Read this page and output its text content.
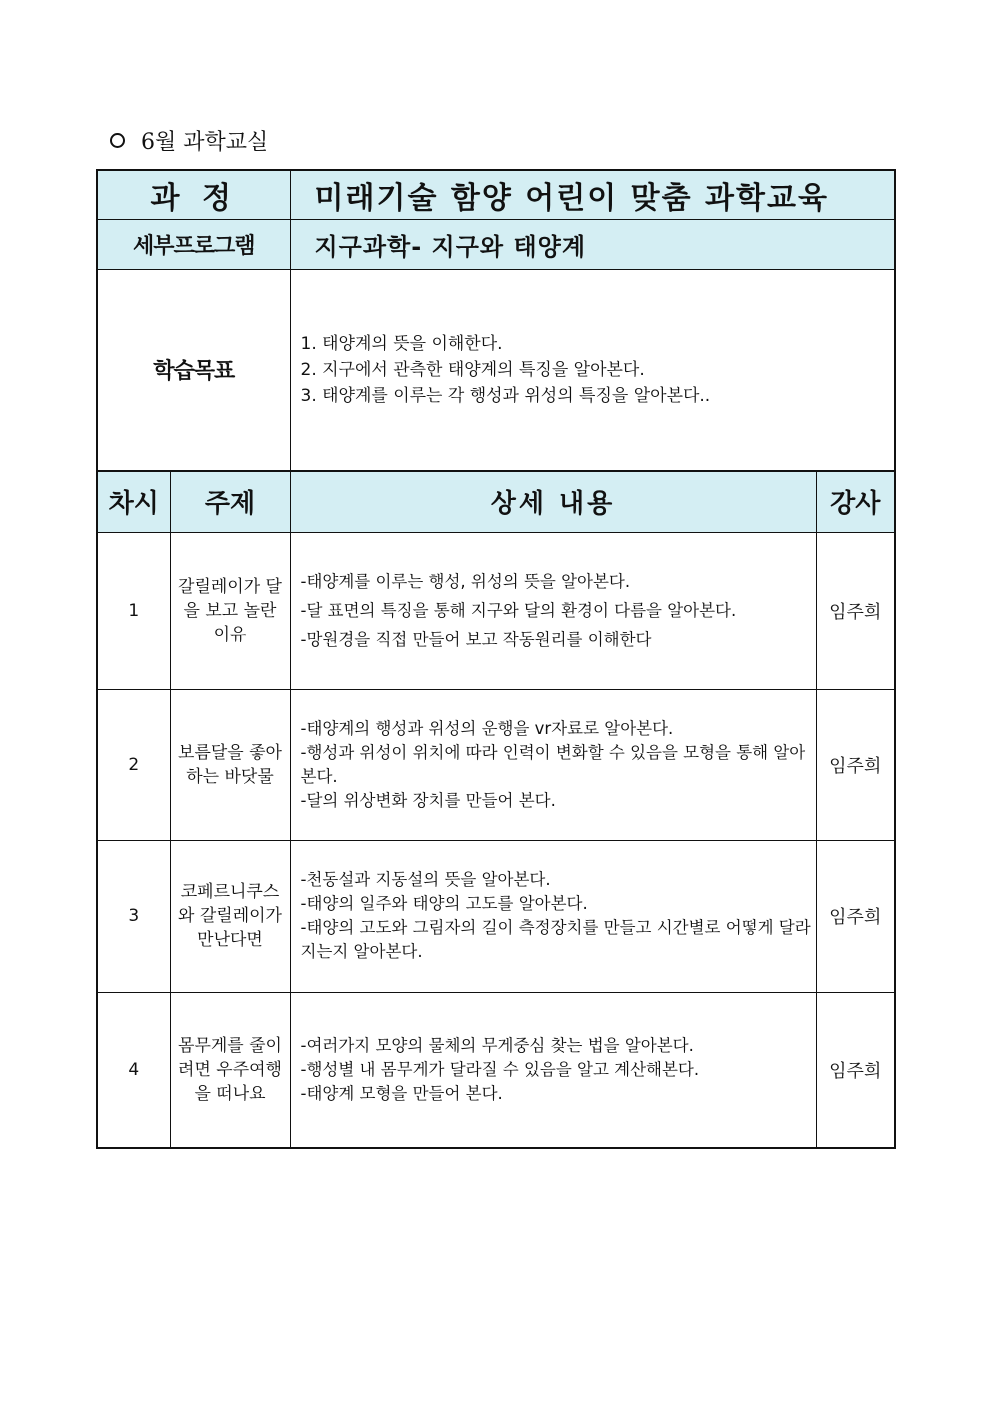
6월 과학교실
과 정		미래기술 함양 어린이 맞춤 과학교육	
세부프로그램		지구과학- 지구와 태양계	
학습목표		1. 태양계의 뜻을 이해한다.
2. 지구에서 관측한 태양계의 특징을 알아본다.
3. 태양계를 이루는 각 행성과 위성의 특징을 알아본다..	

차시	주제	상세 내용	강사
1	갈릴레이가 달을 보고 놀란 이유	-태양계를 이루는 행성, 위성의 뜻을 알아본다.
-달 표면의 특징을 통해 지구와 달의 환경이 다름을 알아본다.
-망원경을 직접 만들어 보고 작동원리를 이해한다	임주희
2	보름달을 좋아하는 바닷물	-태양계의 행성과 위성의 운행을 vr자료로 알아본다.
-행성과 위성이 위치에 따라 인력이 변화할 수 있음을 모형을 통해 알아본다.
-달의 위상변화 장치를 만들어 본다.	임주희
3	코페르니쿠스와 갈릴레이가 만난다면	-천동설과 지동설의 뜻을 알아본다.
-태양의 일주와 태양의 고도를 알아본다.
-태양의 고도와 그림자의 길이 측정장치를 만들고 시간별로 어떻게 달라지는지 알아본다.	임주희
4	몸무게를 줄이려면 우주여행을 떠나요	-여러가지 모양의 물체의 무게중심 찾는 법을 알아본다.
-행성별 내 몸무게가 달라질 수 있음을 알고 계산해본다.
-태양계 모형을 만들어 본다.	임주희
